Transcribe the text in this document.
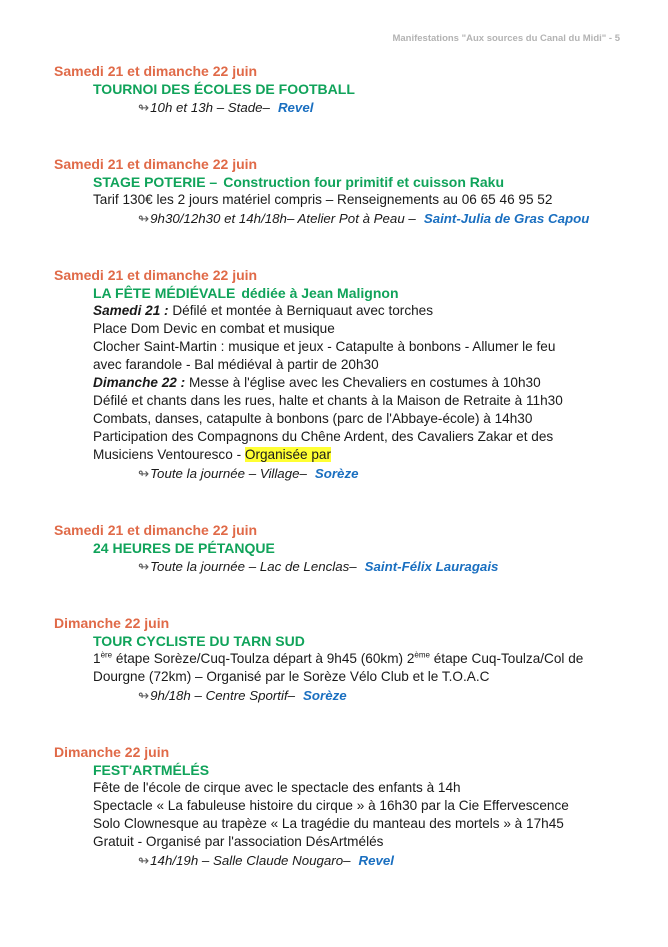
Manifestations "Aux sources du Canal du Midi" - 5
Samedi 21 et dimanche 22 juin
TOURNOI DES ÉCOLES DE FOOTBALL
↬10h et 13h – Stade– Revel
Samedi 21 et dimanche 22 juin
STAGE POTERIE – Construction four primitif et cuisson Raku
Tarif 130€ les 2 jours matériel compris – Renseignements au 06 65 46 95 52
↬9h30/12h30 et 14h/18h– Atelier Pot à Peau – Saint-Julia de Gras Capou
Samedi 21 et dimanche 22 juin
LA FÊTE MÉDIÉVALE dédiée à Jean Malignon
Samedi 21 : Défilé et montée à Berniquaut avec torches
Place Dom Devic en combat et musique
Clocher Saint-Martin : musique et jeux - Catapulte à bonbons - Allumer le feu
avec farandole - Bal médiéval à partir de 20h30
Dimanche 22 : Messe à l'église avec les Chevaliers en costumes à 10h30
Défilé et chants dans les rues, halte et chants à la Maison de Retraite à 11h30
Combats, danses, catapulte à bonbons (parc de l'Abbaye-école) à 14h30
Participation des Compagnons du Chêne Ardent, des Cavaliers Zakar et des
Musiciens Ventouresco - Organisée par
↬Toute la journée – Village– Sorèze
Samedi 21 et dimanche 22 juin
24 HEURES DE PÉTANQUE
↬Toute la journée – Lac de Lenclas– Saint-Félix Lauragais
Dimanche 22 juin
TOUR CYCLISTE DU TARN SUD
1ère étape Sorèze/Cuq-Toulza départ à 9h45 (60km) 2ème étape Cuq-Toulza/Col de
Dourgne (72km) – Organisé par le Sorèze Vélo Club et le T.O.A.C
↬9h/18h – Centre Sportif– Sorèze
Dimanche 22 juin
FEST'ARTMÉLÉS
Fête de l'école de cirque avec le spectacle des enfants à 14h
Spectacle « La fabuleuse histoire du cirque » à 16h30 par la Cie Effervescence
Solo Clownesque au trapèze « La tragédie du manteau des mortels » à 17h45
Gratuit - Organisé par l'association DésArtmélés
↬14h/19h – Salle Claude Nougaro– Revel
